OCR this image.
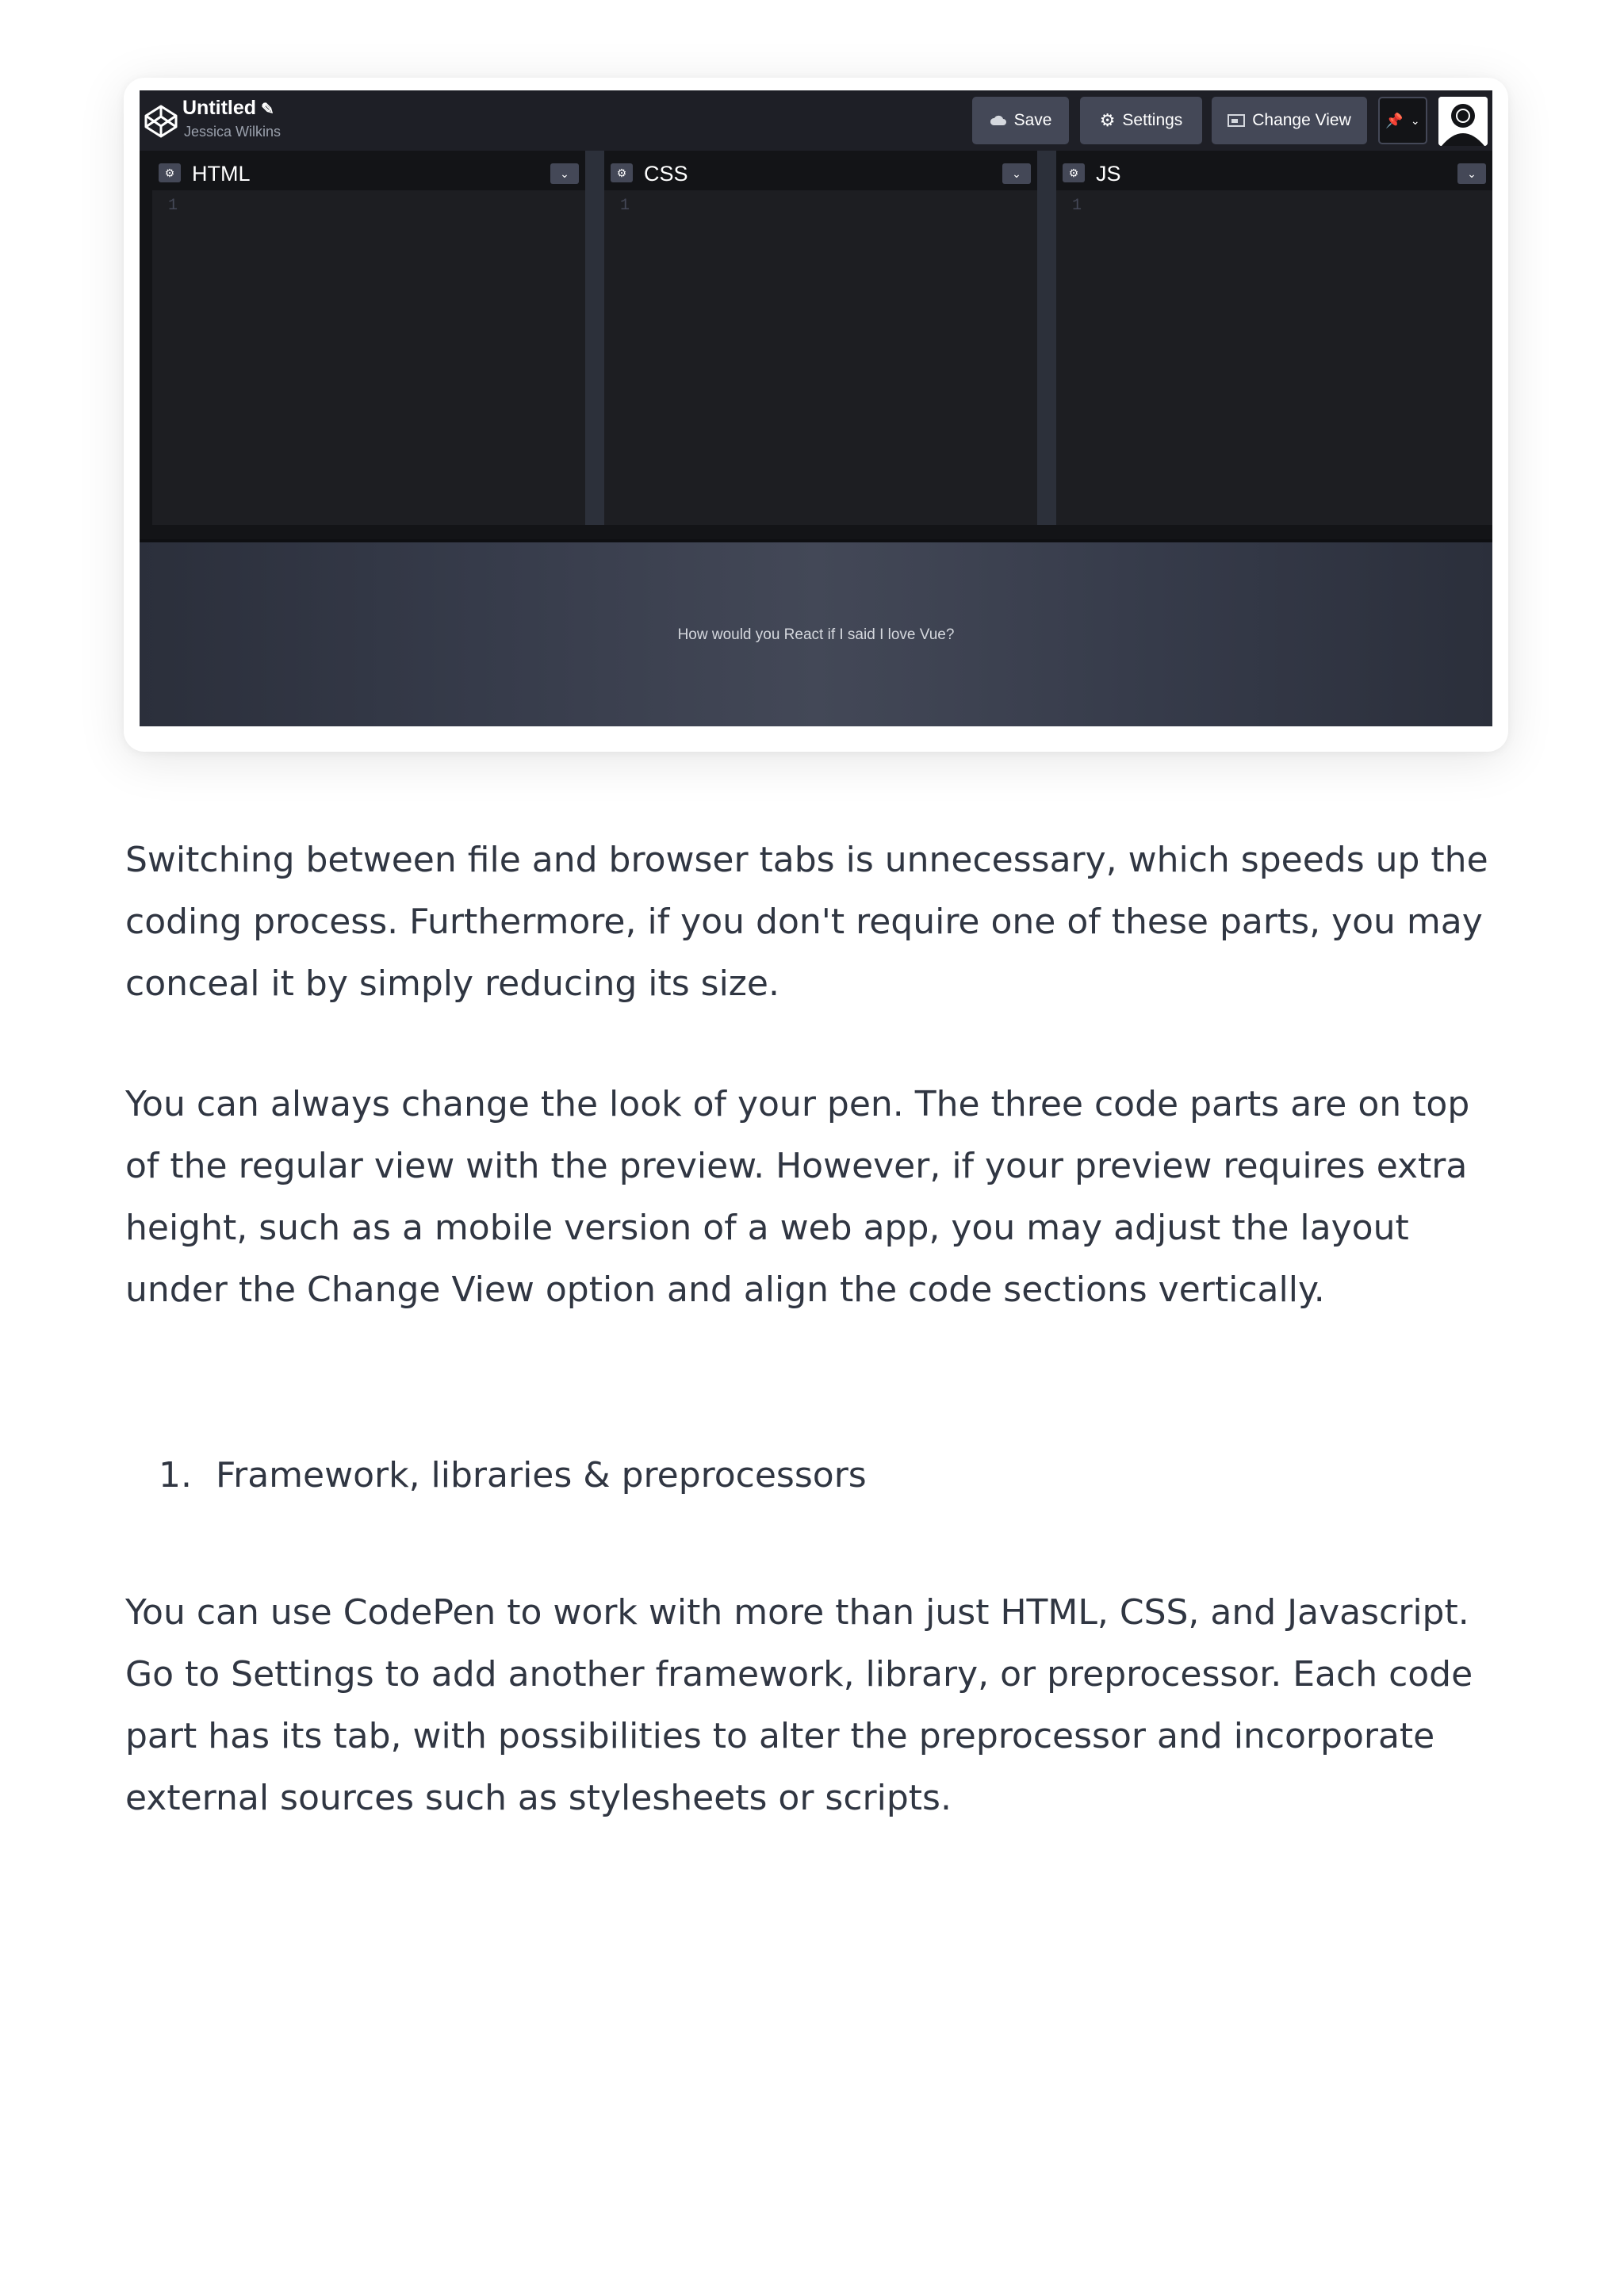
Untitled ✎
Jessica Wilkins
Save	⚙ Settings	Change View 📌 ⌄
⚙ HTML	⌄
1
⚙ CSS	⌄
1
⚙ JS	⌄
1
How would you React if I said I love Vue?

Switching between file and browser tabs is unnecessary, which speeds up the coding process. Furthermore, if you don't require one of these parts, you may conceal it by simply reducing its size.

You can always change the look of your pen. The three code parts are on top of the regular view with the preview. However, if your preview requires extra height, such as a mobile version of a web app, you may adjust the layout under the Change View option and align the code sections vertically.

1. Framework, libraries & preprocessors

You can use CodePen to work with more than just HTML, CSS, and Javascript. Go to Settings to add another framework, library, or preprocessor. Each code part has its tab, with possibilities to alter the preprocessor and incorporate external sources such as stylesheets or scripts.
